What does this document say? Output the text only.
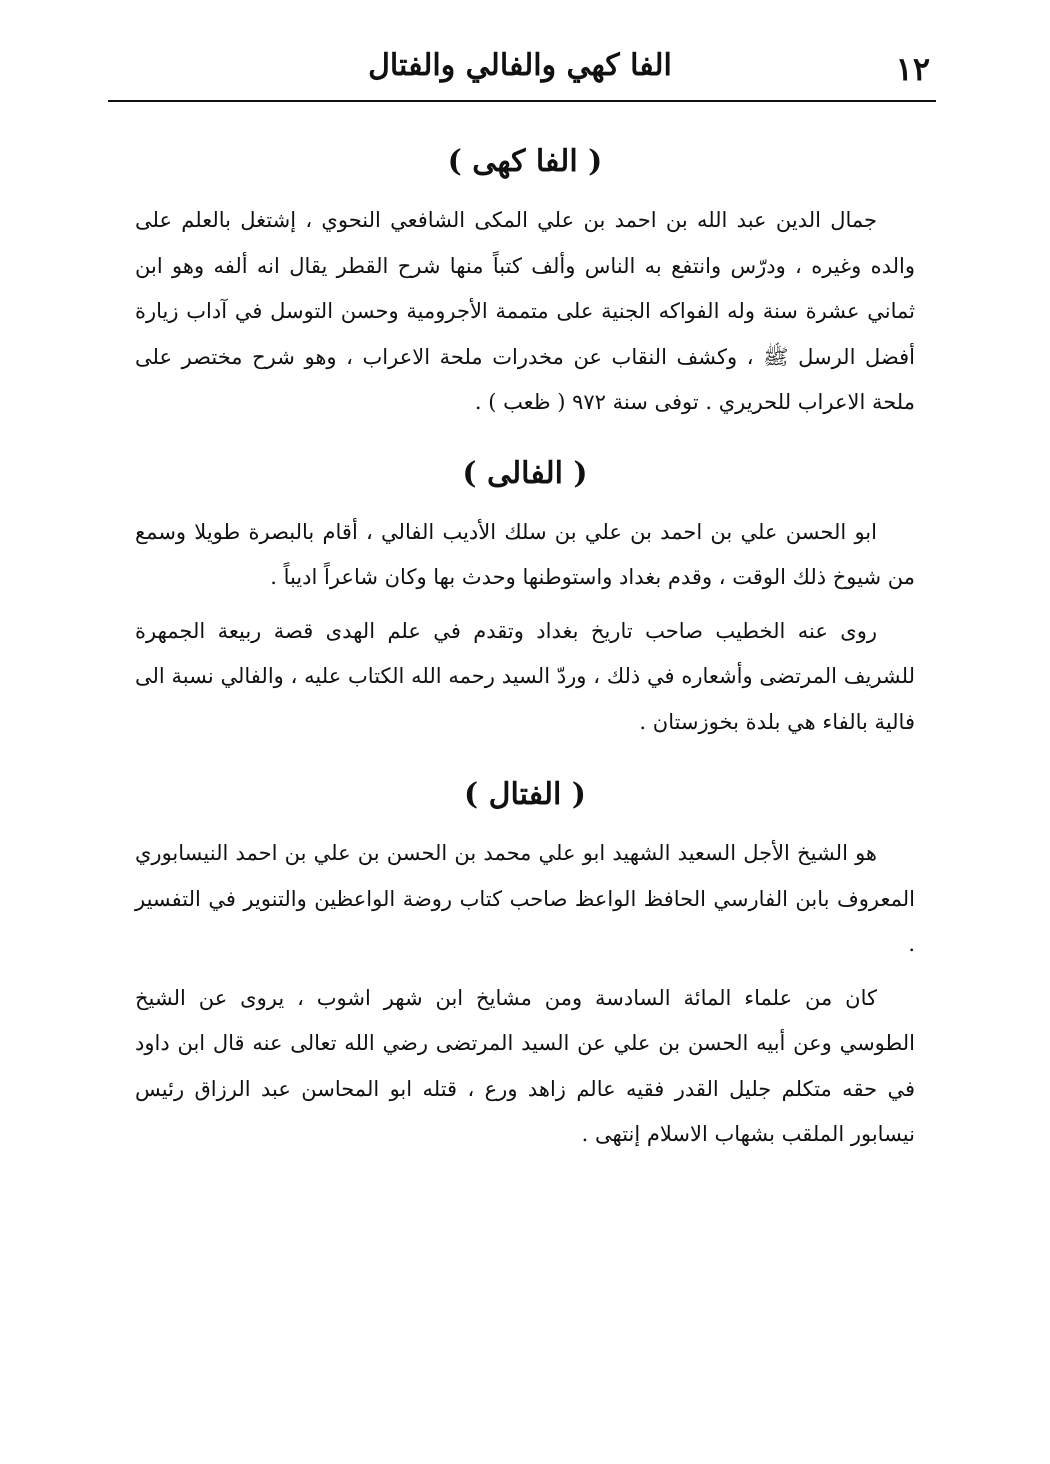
١٢
الفا كهي والفالي والفتال
( الفا كهى )

جمال الدين عبد الله بن احمد بن علي المكى الشافعي النحوي ، إشتغل بالعلم على والده وغيره ، ودرّس وانتفع به الناس وألف كتباً منها شرح القطر يقال انه ألفه وهو ابن ثماني عشرة سنة وله الفواكه الجنية على متممة الأجرومية وحسن التوسل في آداب زيارة أفضل الرسل ﷺ ، وكشف النقاب عن مخدرات ملحة الاعراب ، وهو شرح مختصر على ملحة الاعراب للحريري . توفى سنة ٩٧٢ ( ظعب ) .

( الفالى )

ابو الحسن علي بن احمد بن علي بن سلك الأديب الفالي ، أقام بالبصرة طويلا وسمع من شيوخ ذلك الوقت ، وقدم بغداد واستوطنها وحدث بها وكان شاعراً اديباً .

روى عنه الخطيب صاحب تاريخ بغداد وتقدم في علم الهدى قصة ربيعة الجمهرة للشريف المرتضى وأشعاره في ذلك ، وردّ السيد رحمه الله الكتاب عليه ، والفالي نسبة الى فالية بالفاء هي بلدة بخوزستان .

( الفتال )

هو الشيخ الأجل السعيد الشهيد ابو علي محمد بن الحسن بن علي بن احمد النيسابوري المعروف بابن الفارسي الحافظ الواعظ صاحب كتاب روضة الواعظين والتنوير في التفسير .

كان من علماء المائة السادسة ومن مشايخ ابن شهر اشوب ، يروى عن الشيخ الطوسي وعن أبيه الحسن بن علي عن السيد المرتضى رضي الله تعالى عنه قال ابن داود في حقه متكلم جليل القدر فقيه عالم زاهد ورع ، قتله ابو المحاسن عبد الرزاق رئيس نيسابور الملقب بشهاب الاسلام إنتهى .
